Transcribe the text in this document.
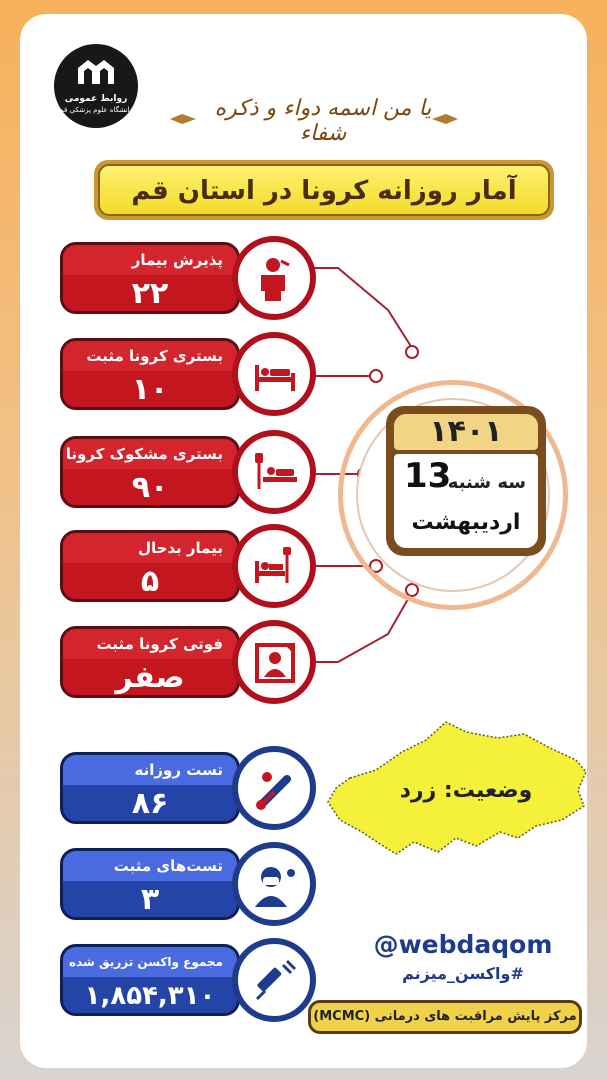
روابط عمومی
دانشگاه علوم پزشکی قم	یا من اسمه دواء و ذکره شفاء
آمار روزانه کرونا در استان قم
پذیرش بیمار
۲۲
بستری کرونا مثبت
۱۰
بستری مشکوک کرونا
۹۰
بیمار بدحال
۵
فوتی کرونا مثبت
صفر
تست روزانه
۸۶
تست‌های مثبت
۳
مجموع واکسن تزریق شده
۱,۸۵۴,۳۱۰
۱۴۰۱
سه شنبه
13
اردیبهشت
وضعیت: زرد
@webdaqom
#واکسن_میزنم
مرکز پایش مراقبت های درمانی (MCMC)
